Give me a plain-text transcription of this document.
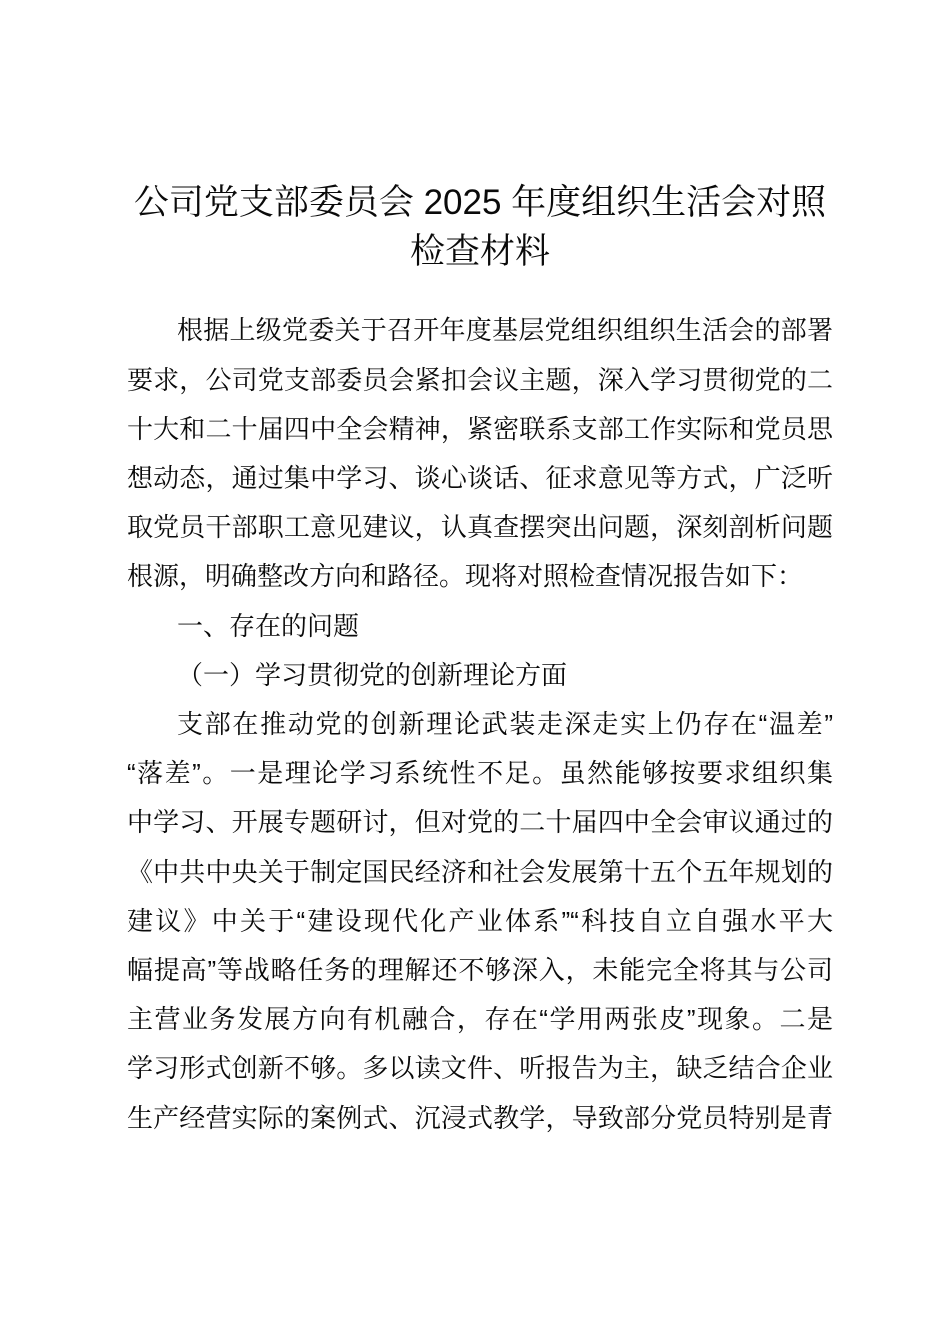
公司党支部委员会 2025 年度组织生活会对照
检查材料
根据上级党委关于召开年度基层党组织组织生活会的部署
要求，公司党支部委员会紧扣会议主题，深入学习贯彻党的二
十大和二十届四中全会精神，紧密联系支部工作实际和党员思
想动态，通过集中学习、谈心谈话、征求意见等方式，广泛听
取党员干部职工意见建议，认真查摆突出问题，深刻剖析问题
根源，明确整改方向和路径。现将对照检查情况报告如下：
一、存在的问题
（一）学习贯彻党的创新理论方面
支部在推动党的创新理论武装走深走实上仍存在“温差”
“落差”。一是理论学习系统性不足。虽然能够按要求组织集
中学习、开展专题研讨，但对党的二十届四中全会审议通过的
《中共中央关于制定国民经济和社会发展第十五个五年规划的
建议》中关于“建设现代化产业体系”“科技自立自强水平大
幅提高”等战略任务的理解还不够深入，未能完全将其与公司
主营业务发展方向有机融合，存在“学用两张皮”现象。二是
学习形式创新不够。多以读文件、听报告为主，缺乏结合企业
生产经营实际的案例式、沉浸式教学，导致部分党员特别是青
